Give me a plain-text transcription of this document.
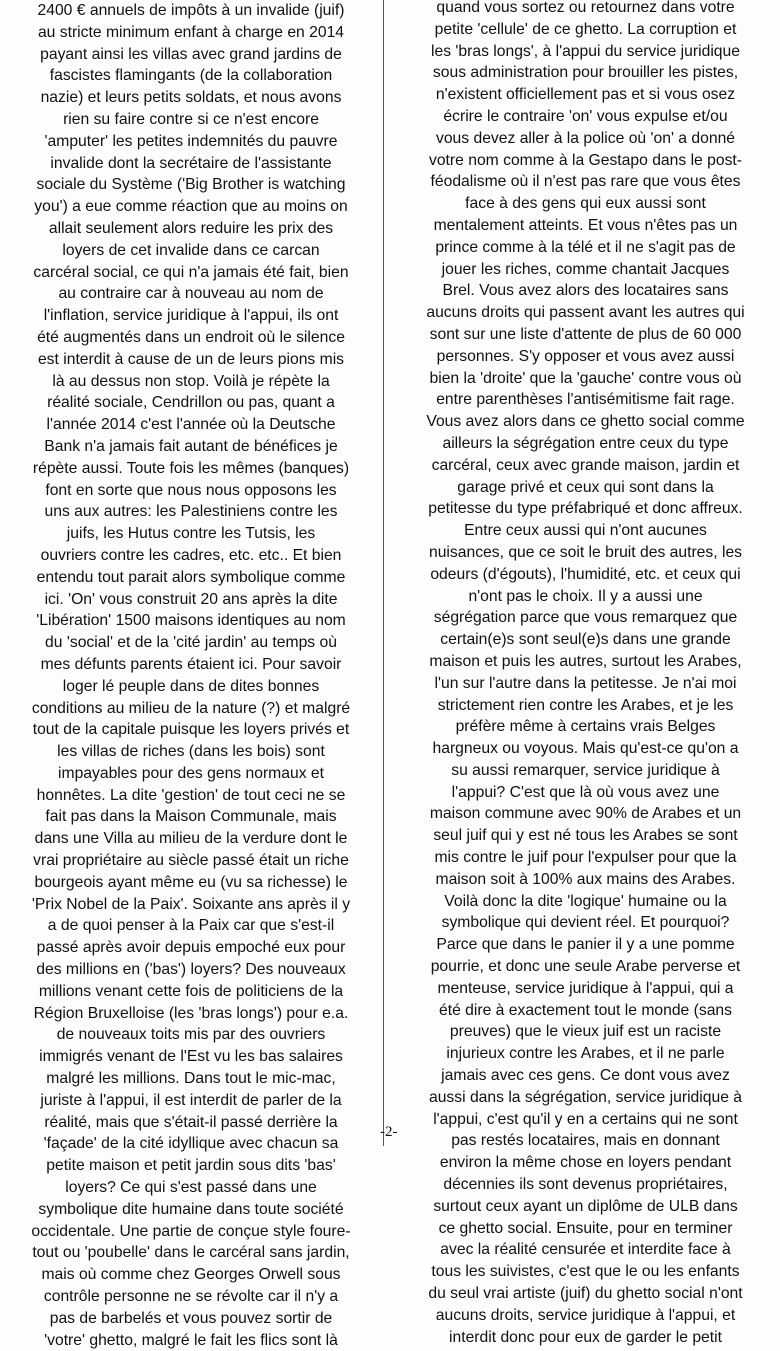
2400 € annuels de impôts à un invalide (juif)
au stricte minimum enfant à charge en 2014
payant ainsi les villas avec grand jardins de
fascistes flamingants (de la collaboration
nazie) et leurs petits soldats, et nous avons
rien su faire contre si ce n'est encore
'amputer' les petites indemnités du pauvre
invalide dont la secrétaire de l'assistante
sociale du Système ('Big Brother is watching
you') a eue comme réaction que au moins on
allait seulement alors reduire les prix des
loyers de cet invalide dans ce carcan
carcéral social, ce qui n'a jamais été fait, bien
au contraire car à nouveau au nom de
l'inflation, service juridique à l'appui, ils ont
été augmentés dans un endroit où le silence
est interdit à cause de un de leurs pions mis
là au dessus non stop. Voilà je répète la
réalité sociale, Cendrillon ou pas, quant a
l'année 2014 c'est l'année où la Deutsche
Bank n'a jamais fait autant de bénéfices je
répète aussi. Toute fois les mêmes (banques)
font en sorte que nous nous opposons les
uns aux autres: les Palestiniens contre les
juifs, les Hutus contre les Tutsis, les
ouvriers contre les cadres, etc. etc.. Et bien
entendu tout parait alors symbolique comme
ici. 'On' vous construit 20 ans après la dite
'Libération' 1500 maisons identiques au nom
du 'social' et de la 'cité jardin' au temps où
mes défunts parents étaient ici. Pour savoir
loger lé peuple dans de dites bonnes
conditions au milieu de la nature (?) et malgré
tout de la capitale puisque les loyers privés et
les villas de riches (dans les bois) sont
impayables pour des gens normaux et
honnêtes. La dite 'gestion' de tout ceci ne se
fait pas dans la Maison Communale, mais
dans une Villa au milieu de la verdure dont le
vrai propriétaire au siècle passé était un riche
bourgeois ayant même eu (vu sa richesse) le
'Prix Nobel de la Paix'. Soixante ans après il y
a de quoi penser à la Paix car que s'est-il
passé après avoir depuis empoché eux pour
des millions en ('bas') loyers? Des nouveaux
millions venant cette fois de politiciens de la
Région Bruxelloise (les 'bras longs') pour e.a.
de nouveaux toits mis par des ouvriers
immigrés venant de l'Est vu les bas salaires
malgré les millions. Dans tout le mic-mac,
juriste à l'appui, il est interdit de parler de la
réalité, mais que s'était-il passé derrière la
'façade' de la cité idyllique avec chacun sa
petite maison et petit jardin sous dits 'bas'
loyers? Ce qui s'est passé dans une
symbolique dite humaine dans toute société
occidentale. Une partie de conçue style foure-
tout ou 'poubelle' dans le carcéral sans jardin,
mais où comme chez Georges Orwell sous
contrôle personne ne se révolte car il n'y a
pas de barbelés et vous pouvez sortir de
'votre' ghetto, malgré le fait les flics sont là
quand vous sortez ou retournez dans votre
petite 'cellule' de ce ghetto. La corruption et
les 'bras longs', à l'appui du service juridique
sous administration pour brouiller les pistes,
n'existent officiellement pas et si vous osez
écrire le contraire 'on' vous expulse et/ou
vous devez aller à la police où 'on' a donné
votre nom comme à la Gestapo dans le post-
féodalisme où il n'est pas rare que vous êtes
face à des gens qui eux aussi sont
mentalement atteints. Et vous n'êtes pas un
prince comme à la télé et il ne s'agit pas de
jouer les riches, comme chantait Jacques
Brel. Vous avez alors des locataires sans
aucuns droits qui passent avant les autres qui
sont sur une liste d'attente de plus de 60 000
personnes. S'y opposer et vous avez aussi
bien la 'droite' que la 'gauche' contre vous où
entre parenthèses l'antisémitisme fait rage.
Vous avez alors dans ce ghetto social comme
ailleurs la ségrégation entre ceux du type
carcéral, ceux avec grande maison, jardin et
garage privé et ceux qui sont dans la
petitesse du type préfabriqué et donc affreux.
Entre ceux aussi qui n'ont aucunes
nuisances, que ce soit le bruit des autres, les
odeurs (d'égouts), l'humidité, etc. et ceux qui
n'ont pas le choix. Il y a aussi une
ségrégation parce que vous remarquez que
certain(e)s sont seul(e)s dans une grande
maison et puis les autres, surtout les Arabes,
l'un sur l'autre dans la petitesse. Je n'ai moi
strictement rien contre les Arabes, et je les
préfère même à certains vrais Belges
hargneux ou voyous. Mais qu'est-ce qu'on a
su aussi remarquer, service juridique à
l'appui? C'est que là où vous avez une
maison commune avec 90% de Arabes et un
seul juif qui y est né tous les Arabes se sont
mis contre le juif pour l'expulser pour que la
maison soit à 100% aux mains des Arabes.
Voilà donc la dite 'logique' humaine ou la
symbolique qui devient réel. Et pourquoi?
Parce que dans le panier il y a une pomme
pourrie, et donc une seule Arabe perverse et
menteuse, service juridique à l'appui, qui a
été dire à exactement tout le monde (sans
preuves) que le vieux juif est un raciste
injurieux contre les Arabes, et il ne parle
jamais avec ces gens. Ce dont vous avez
aussi dans la ségrégation, service juridique à
l'appui, c'est qu'il y en a certains qui ne sont
pas restés locataires, mais en donnant
environ la même chose en loyers pendant
décennies ils sont devenus propriétaires,
surtout ceux ayant un diplôme de ULB dans
ce ghetto social. Ensuite, pour en terminer
avec la réalité censurée et interdite face à
tous les suivistes, c'est que le ou les enfants
du seul vrai artiste (juif) du ghetto social n'ont
aucuns droits, service juridique à l'appui, et
interdit donc pour eux de garder le petit
-2-
